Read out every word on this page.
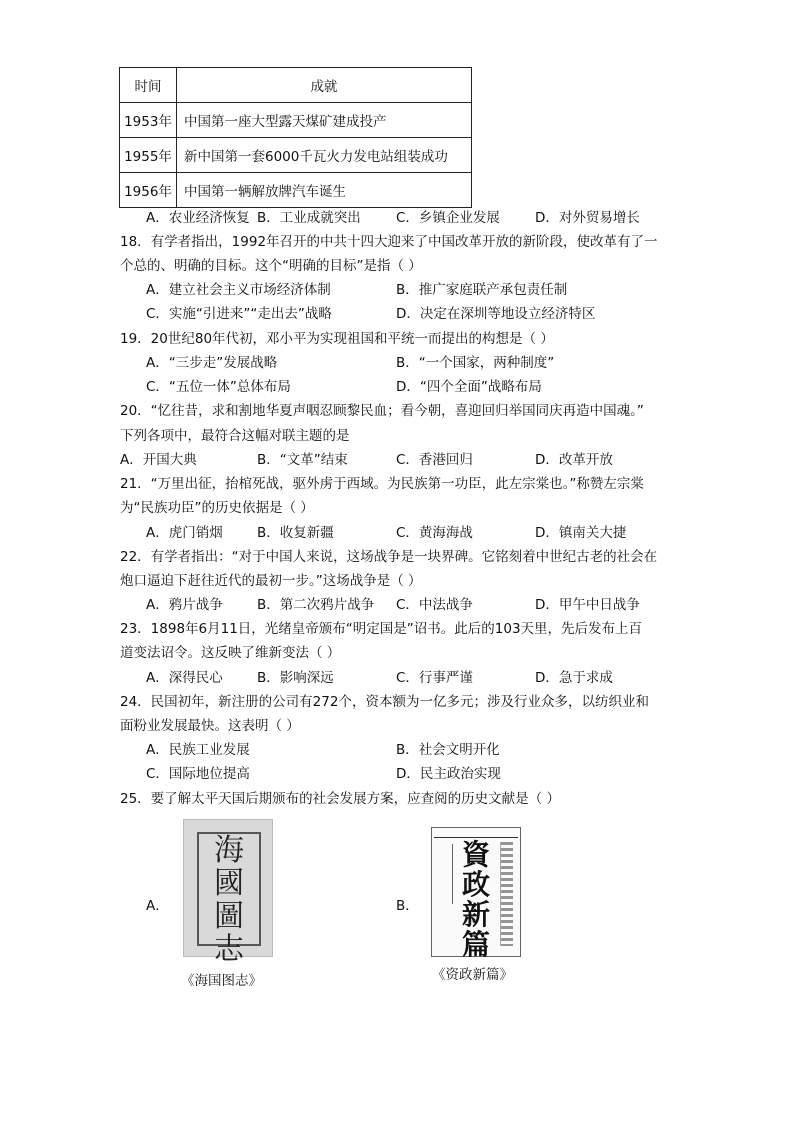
时间	成就
1953年	中国第一座大型露天煤矿建成投产
1955年	新中国第一套6000千瓦火力发电站组装成功
1956年	中国第一辆解放牌汽车诞生
A．农业经济恢复 B．工业成就突出	C．乡镇企业发展	D．对外贸易增长
18．有学者指出，1992年召开的中共十四大迎来了中国改革开放的新阶段，使改革有了一
个总的、明确的目标。这个“明确的目标”是指（ ）
A．建立社会主义市场经济体制	B．推广家庭联产承包责任制
C．实施“引进来”“走出去”战略	D．决定在深圳等地设立经济特区
19．20世纪80年代初，邓小平为实现祖国和平统一而提出的构想是（ ）
A．“三步走”发展战略	B．“一个国家，两种制度”
C．“五位一体”总体布局	D．“四个全面”战略布局
20．“忆往昔，求和割地华夏声咽忍顾黎民血；看今朝，喜迎回归举国同庆再造中国魂。”
下列各项中，最符合这幅对联主题的是
A．开国大典	B．“文革”结束	C．香港回归	D．改革开放
21．“万里出征，抬棺死战，驱外虏于西域。为民族第一功臣，此左宗棠也。”称赞左宗棠
为“民族功臣”的历史依据是（ ）
A．虎门销烟	B．收复新疆	C．黄海海战	D．镇南关大捷
22．有学者指出：“对于中国人来说，这场战争是一块界碑。它铭刻着中世纪古老的社会在
炮口逼迫下赶往近代的最初一步。”这场战争是（ ）
A．鸦片战争	B．第二次鸦片战争 C．中法战争	D．甲午中日战争
23．1898年6月11日，光绪皇帝颁布“明定国是”诏书。此后的103天里，先后发布上百
道变法诏令。这反映了维新变法（ ）
A．深得民心	B．影响深远	C．行事严谨	D．急于求成
24．民国初年，新注册的公司有272个，资本额为一亿多元；涉及行业众多，以纺织业和
面粉业发展最快。这表明（ ）
A．民族工业发展	B．社会文明开化
C．国际地位提高	D．民主政治实现
25．要了解太平天国后期颁布的社会发展方案，应查阅的历史文献是（ ）
A．	B．
海國圖志
《海国图志》
資政新篇
《资政新篇》
